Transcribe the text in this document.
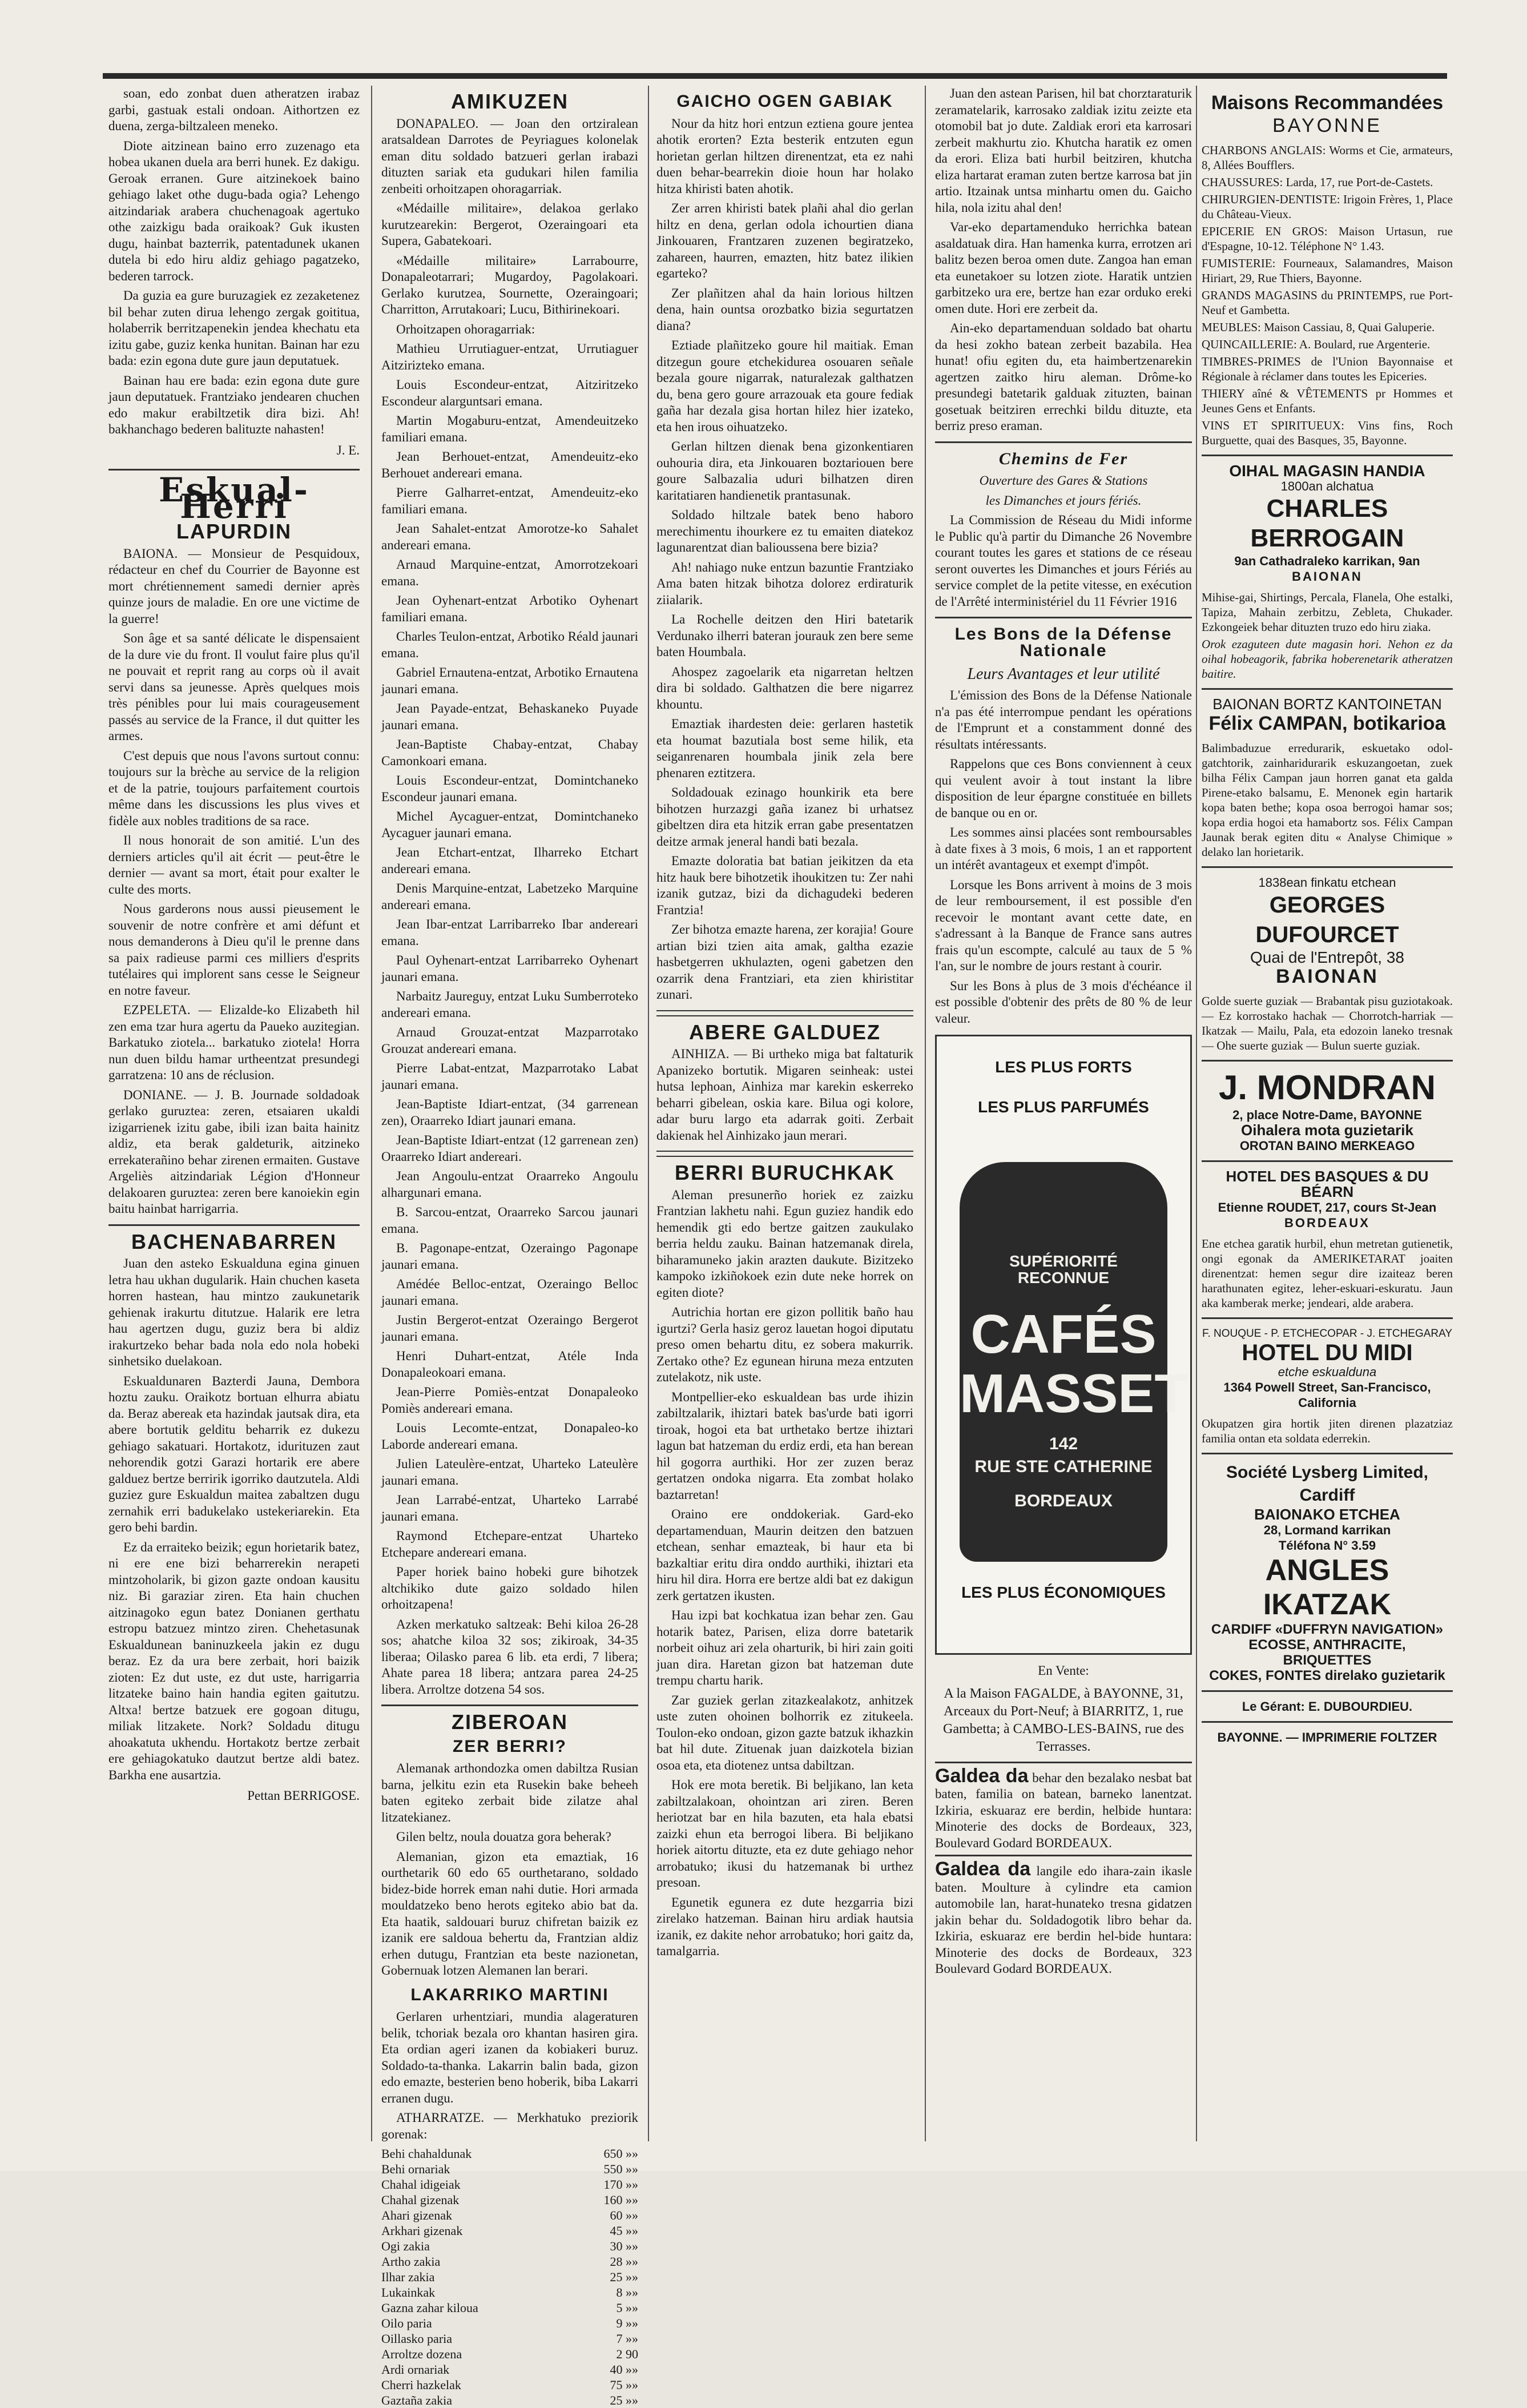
soan, edo zonbat duen atheratzen irabaz garbi, gastuak estali ondoan. Aithortzen ez duena, zerga-biltzaleen meneko.

Diote aitzinean baino erro zuzenago eta hobea ukanen duela ara berri hunek. Ez dakigu. Geroak erranen. Gure aitzinekoek baino gehiago laket othe dugu-bada ogia? Lehengo aitzindariak arabera chuchenagoak agertuko othe zaizkigu bada oraikoak? Guk ikusten dugu, hainbat bazterrik, patentadunek ukanen dutela bi edo hiru aldiz gehiago pagatzeko, bederen tarrock.

Da guzia ea gure buruzagiek ez zezaketenez bil behar zuten dirua lehengo zergak goititua, holaberrik berritzapenekin jendea khechatu eta izitu gabe, guziz kenka hunitan. Bainan har ezu bada: ezin egona dute gure jaun deputatuek.

Bainan hau ere bada: ezin egona dute gure jaun deputatuek. Frantziako jendearen chuchen edo makur erabiltzetik dira bizi. Ah! bakhanchago bederen balituzte nahasten!

J. E.
Eskual-Herri
LAPURDIN

BAIONA. — Monsieur de Pesquidoux, rédacteur en chef du Courrier de Bayonne est mort chrétiennement samedi dernier après quinze jours de maladie. En ore une victime de la guerre!

Son âge et sa santé délicate le dispensaient de la dure vie du front. Il voulut faire plus qu'il ne pouvait et reprit rang au corps où il avait servi dans sa jeunesse. Après quelques mois très pénibles pour lui mais courageusement passés au service de la France, il dut quitter les armes.

C'est depuis que nous l'avons surtout connu: toujours sur la brèche au service de la religion et de la patrie, toujours parfaitement courtois même dans les discussions les plus vives et fidèle aux nobles traditions de sa race.

Il nous honorait de son amitié. L'un des derniers articles qu'il ait écrit — peut-être le dernier — avant sa mort, était pour exalter le culte des morts.

Nous garderons nous aussi pieusement le souvenir de notre confrère et ami défunt et nous demanderons à Dieu qu'il le prenne dans sa paix radieuse parmi ces milliers d'esprits tutélaires qui implorent sans cesse le Seigneur en notre faveur.

EZPELETA. — Elizalde-ko Elizabeth hil zen ema tzar hura agertu da Paueko auzitegian. Barkatuko ziotela... barkatuko ziotela! Horra nun duen bildu hamar urtheentzat presundegi garratzena: 10 ans de réclusion.

DONIANE. — J. B. Journade soldadoak gerlako guruztea: zeren, etsaiaren ukaldi izigarrienek izitu gabe, ibili izan baita hainitz aldiz, eta berak galdeturik, aitzineko errekaterañino behar zirenen ermaiten. Gustave Argeliès aitzindariak Légion d'Honneur delakoaren guruztea: zeren bere kanoiekin egin baitu hainbat harrigarria.

BACHENABARREN

Juan den asteko Eskualduna egina ginuen letra hau ukhan dugularik. Hain chuchen kaseta horren hastean, hau mintzo zaukunetarik gehienak irakurtu ditutzue. Halarik ere letra hau agertzen dugu, guziz bera bi aldiz irakurtzeko behar bada nola edo nola hobeki sinhetsiko duelakoan.

Eskualdunaren Bazterdi Jauna, Dembora hoztu zauku. Oraikotz bortuan elhurra abiatu da. Beraz abereak eta hazindak jautsak dira, eta abere bortutik gelditu beharrik ez dukezu gehiago sakatuari. Hortakotz, idurituzen zaut nehorendik gotzi Garazi hortarik ere abere galduez bertze berririk igorriko dautzutela. Aldi guziez gure Eskualdun maitea zabaltzen dugu zernahik erri badukelako ustekeriarekin. Eta gero behi bardin.

Ez da erraiteko beizik; egun horietarik batez, ni ere ene bizi beharrerekin nerapeti mintzoholarik, bi gizon gazte ondoan kausitu niz. Bi garaziar ziren. Eta hain chuchen aitzinagoko egun batez Donianen gerthatu estropu batzuez mintzo ziren. Chehetasunak Eskualdunean baninuzkeela jakin ez dugu beraz. Ez da ura bere zerbait, hori baizik zioten: Ez dut uste, ez dut uste, harrigarria litzateke baino hain handia egiten gaitutzu. Altxa! bertze batzuek ere gogoan ditugu, miliak litzakete. Nork? Soldadu ditugu ahoakatuta ukhendu. Hortakotz bertze zerbait ere gehiagokatuko dautzut bertze aldi batez. Barkha ene ausartzia.

Pettan BERRIGOSE.
AMIKUZEN

DONAPALEO. — Joan den ortziralean aratsaldean Darrotes de Peyriagues kolonelak eman ditu soldado batzueri gerlan irabazi dituzten sariak eta gudukari hilen familia zenbeiti orhoitzapen ohoragarriak.

«Médaille militaire», delakoa gerlako kurutzearekin: Bergerot, Ozeraingoari eta Supera, Gabatekoari.

«Médaille militaire» Larrabourre, Donapaleotarrari; Mugardoy, Pagolakoari. Gerlako kurutzea, Sournette, Ozeraingoari; Charritton, Arrutakoari; Lucu, Bithirinekoari.

Orhoitzapen ohoragarriak:

Mathieu Urrutiaguer-entzat, Urrutiaguer Aitzirizteko emana.

Louis Escondeur-entzat, Aitziritzeko Escondeur alarguntsari emana.

Martin Mogaburu-entzat, Amendeuitzeko familiari emana.

Jean Berhouet-entzat, Amendeuitz-eko Berhouet andereari emana.

Pierre Galharret-entzat, Amendeuitz-eko familiari emana.

Jean Sahalet-entzat Amorotze-ko Sahalet andereari emana.

Arnaud Marquine-entzat, Amorrotzekoari emana.

Jean Oyhenart-entzat Arbotiko Oyhenart familiari emana.

Charles Teulon-entzat, Arbotiko Réald jaunari emana.

Gabriel Ernautena-entzat, Arbotiko Ernautena jaunari emana.

Jean Payade-entzat, Behaskaneko Puyade jaunari emana.

Jean-Baptiste Chabay-entzat, Chabay Camonkoari emana.

Louis Escondeur-entzat, Domintchaneko Escondeur jaunari emana.

Michel Aycaguer-entzat, Domintchaneko Aycaguer jaunari emana.

Jean Etchart-entzat, Ilharreko Etchart andereari emana.

Denis Marquine-entzat, Labetzeko Marquine andereari emana.

Jean Ibar-entzat Larribarreko Ibar andereari emana.

Paul Oyhenart-entzat Larribarreko Oyhenart jaunari emana.

Narbaitz Jaureguy, entzat Luku Sumberroteko andereari emana.

Arnaud Grouzat-entzat Mazparrotako Grouzat andereari emana.

Pierre Labat-entzat, Mazparrotako Labat jaunari emana.

Jean-Baptiste Idiart-entzat, (34 garrenean zen), Oraarreko Idiart jaunari emana.

Jean-Baptiste Idiart-entzat (12 garrenean zen) Oraarreko Idiart andereari.

Jean Angoulu-entzat Oraarreko Angoulu alhargunari emana.

B. Sarcou-entzat, Oraarreko Sarcou jaunari emana.

B. Pagonape-entzat, Ozeraingo Pagonape jaunari emana.

Amédée Belloc-entzat, Ozeraingo Belloc jaunari emana.

Justin Bergerot-entzat Ozeraingo Bergerot jaunari emana.

Henri Duhart-entzat, Atéle Inda Donapaleokoari emana.

Jean-Pierre Pomiès-entzat Donapaleoko Pomiès andereari emana.

Louis Lecomte-entzat, Donapaleo-ko Laborde andereari emana.

Julien Lateulère-entzat, Uharteko Lateulère jaunari emana.

Jean Larrabé-entzat, Uharteko Larrabé jaunari emana.

Raymond Etchepare-entzat Uharteko Etchepare andereari emana.

Paper horiek baino hobeki gure bihotzek altchikiko dute gaizo soldado hilen orhoitzapena!

Azken merkatuko saltzeak: Behi kiloa 26-28 sos; ahatche kiloa 32 sos; zikiroak, 34-35 liberaa; Oilasko parea 6 lib. eta erdi, 7 libera; Ahate parea 18 libera; antzara parea 24-25 libera. Arroltze dotzena 54 sos.

ZIBEROAN
ZER BERRI?

Alemanak arthondozka omen dabiltza Rusian barna, jelkitu ezin eta Rusekin bake beheeh baten egiteko zerbait bide zilatze ahal litzatekianez.

Gilen beltz, noula douatza gora beherak?

Alemanian, gizon eta emaztiak, 16 ourthetarik 60 edo 65 ourthetarano, soldado bidez-bide horrek eman nahi dutie. Hori armada mouldatzeko beno herots egiteko abio bat da. Eta haatik, saldouari buruz chifretan baizik ez izanik ere saldoua behertu da, Frantzian aldiz erhen dutugu, Frantzian eta beste nazionetan, Gobernuak lotzen Alemanen lan berari.

LAKARRIKO MARTINI

Gerlaren urhentziari, mundia alageraturen belik, tchoriak bezala oro khantan hasiren gira. Eta ordian ageri izanen da kobiakeri buruz. Soldado-ta-thanka. Lakarrin balin bada, gizon edo emazte, besterien beno hoberik, biba Lakarri erranen dugu.

ATHARRATZE. — Merkhatuko preziorik gorenak:

Behi chahaldunak	650 »»
Behi ornariak	550 »»
Chahal idigeiak	170 »»
Chahal gizenak	160 »»
Ahari gizenak	60 »»
Arkhari gizenak	45 »»
Ogi zakia	30 »»
Artho zakia	28 »»
Ilhar zakia	25 »»
Lukainkak	8 »»
Gazna zahar kiloua	5 »»
Oilo paria	9 »»
Oillasko paria	7 »»
Arroltze dozena	2 90
Ardi ornariak	40 »»
Cherri hazkelak	75 »»
Gaztaña zakia	25 »»
GAICHO OGEN GABIAK

Nour da hitz hori entzun eztiena goure jentea ahotik erorten? Ezta besterik entzuten egun horietan gerlan hiltzen direnentzat, eta ez nahi duen behar-bearrekin dioie houn har holako hitza khiristi baten ahotik.

Zer arren khiristi batek plañi ahal dio gerlan hiltz en dena, gerlan odola ichourtien diana Jinkouaren, Frantzaren zuzenen begiratzeko, zahareen, haurren, emazten, hitz batez ilikien egarteko?

Zer plañitzen ahal da hain lorious hiltzen dena, hain ountsa orozbatko bizia segurtatzen diana?

Eztiade plañitzeko goure hil maitiak. Eman ditzegun goure etchekidurea osouaren señale bezala goure nigarrak, naturalezak galthatzen du, bena gero goure arrazouak eta goure fediak gaña har dezala gisa hortan hilez hier izateko, eta hen irous oihuatzeko.

Gerlan hiltzen dienak bena gizonkentiaren ouhouria dira, eta Jinkouaren boztariouen bere goure Salbazalia uduri bilhatzen diren karitatiaren handienetik prantasunak.

Soldado hiltzale batek beno haboro merechimentu ihourkere ez tu emaiten diatekoz lagunarentzat dian balioussena bere bizia?

Ah! nahiago nuke entzun bazuntie Frantziako Ama baten hitzak bihotza dolorez erdiraturik ziialarik.

La Rochelle deitzen den Hiri batetarik Verdunako ilherri bateran jourauk zen bere seme baten Houmbala.

Ahospez zagoelarik eta nigarretan heltzen dira bi soldado. Galthatzen die bere nigarrez khountu.

Emaztiak ihardesten deie: gerlaren hastetik eta houmat bazutiala bost seme hilik, eta seiganrenaren houmbala jinik zela bere phenaren eztitzera.

Soldadouak ezinago hounkirik eta bere bihotzen hurzazgi gaña izanez bi urhatsez gibeltzen dira eta hitzik erran gabe presentatzen deitze armak jeneral handi bati bezala.

Emazte doloratia bat batian jeikitzen da eta hitz hauk bere bihotzetik ihoukitzen tu: Zer nahi izanik gutzaz, bizi da dichagudeki bederen Frantzia!

Zer bihotza emazte harena, zer korajia! Goure artian bizi tzien aita amak, galtha ezazie hasbetgerren ukhulazten, ogeni gabetzen den ozarrik dena Frantziari, eta zien khiristitar zunari.

ABERE GALDUEZ

AINHIZA. — Bi urtheko miga bat faltaturik Apanizeko bortutik. Migaren seinheak: ustei hutsa lephoan, Ainhiza mar karekin eskerreko beharri gibelean, oskia kare. Bilua ogi kolore, adar buru largo eta adarrak goiti. Zerbait dakienak hel Ainhizako jaun merari.

BERRI BURUCHKAK

Aleman presunerño horiek ez zaizku Frantzian lakhetu nahi. Egun guziez handik edo hemendik gti edo bertze gaitzen zaukulako berria heldu zauku. Bainan hatzemanak direla, biharamuneko jakin arazten daukute. Bizitzeko kampoko izkiñokoek ezin dute neke horrek on egiten diote?

Autrichia hortan ere gizon pollitik baño hau igurtzi? Gerla hasiz geroz lauetan hogoi diputatu preso omen behartu ditu, ez sobera makurrik. Zertako othe? Ez egunean hiruna meza entzuten zutelakotz, nik uste.

Montpellier-eko eskualdean bas urde ihizin zabiltzalarik, ihiztari batek bas'urde bati igorri tiroak, hogoi eta bat urthetako bertze ihiztari lagun bat hatzeman du erdiz erdi, eta han berean hil gogorra aurthiki. Hor zer zuzen beraz gertatzen ondoka nigarra. Eta zombat holako baztarretan!

Oraino ere onddokeriak. Gard-eko departamenduan, Maurin deitzen den batzuen etchean, senhar emazteak, bi haur eta bi bazkaltiar eritu dira onddo aurthiki, ihiztari eta hiru hil dira. Horra ere bertze aldi bat ez dakigun zerk gertatzen ikusten.

Hau izpi bat kochkatua izan behar zen. Gau hotarik batez, Parisen, eliza dorre batetarik norbeit oihuz ari zela oharturik, bi hiri zain goiti juan dira. Haretan gizon bat hatzeman dute trempu chartu harik.

Zar guziek gerlan zitazkealakotz, anhitzek uste zuten ohoinen bolhorrik ez zitukeela. Toulon-eko ondoan, gizon gazte batzuk ikhazkin bat hil dute. Zituenak juan daizkotela bizian osoa eta, eta diotenez untsa dabiltzan.

Hok ere mota beretik. Bi beljikano, lan keta zabiltzalakoan, ohointzan ari ziren. Beren heriotzat bar en hila bazuten, eta hala ebatsi zaizki ehun eta berrogoi libera. Bi beljikano horiek aitortu dituzte, eta ez dute gehiago nehor arrobatuko; ikusi du hatzemanak bi urthez presoan.

Egunetik egunera ez dute hezgarria bizi zirelako hatzeman. Bainan hiru ardiak hautsia izanik, ez dakite nehor arrobatuko; hori gaitz da, tamalgarria.

Juan den astean Parisen, hil bat chorztaraturik zeramatelarik, karrosako zaldiak izitu zeizte eta otomobil bat jo dute. Zaldiak erori eta karrosari zerbeit makhurtu zio. Khutcha haratik ez omen da erori. Eliza bati hurbil beitziren, khutcha eliza hartarat eraman zuten bertze karrosa bat jin artio. Itzainak untsa minhartu omen du. Gaicho hila, nola izitu ahal den!

Var-eko departamenduko herrichka batean asaldatuak dira. Han hamenka kurra, errotzen ari balitz bezen beroa omen dute. Zangoa han eman eta eunetakoer su lotzen ziote. Haratik untzien garbitzeko ura ere, bertze han ezar orduko ereki omen dute. Hori ere zerbeit da.

Ain-eko departamenduan soldado bat ohartu da hesi zokho batean zerbeit bazabila. Hea hunat! ofiu egiten du, eta haimbertzenarekin agertzen zaitko hiru aleman. Drôme-ko presundegi batetarik galduak zituzten, bainan gosetuak beitziren errechki bildu dituzte, eta berriz preso eraman.

Chemins de Fer

Ouverture des Gares & Stations

les Dimanches et jours fériés.

La Commission de Réseau du Midi informe le Public qu'à partir du Dimanche 26 Novembre courant toutes les gares et stations de ce réseau seront ouvertes les Dimanches et jours Fériés au service complet de la petite vitesse, en exécution de l'Arrêté interministériel du 11 Février 1916

Les Bons de la Défense Nationale

Leurs Avantages et leur utilité

L'émission des Bons de la Défense Nationale n'a pas été interrompue pendant les opérations de l'Emprunt et a constamment donné des résultats intéressants.

Rappelons que ces Bons conviennent à ceux qui veulent avoir à tout instant la libre disposition de leur épargne constituée en billets de banque ou en or.

Les sommes ainsi placées sont remboursables à date fixes à 3 mois, 6 mois, 1 an et rapportent un intérêt avantageux et exempt d'impôt.

Lorsque les Bons arrivent à moins de 3 mois de leur remboursement, il est possible d'en recevoir le montant avant cette date, en s'adressant à la Banque de France sans autres frais qu'un escompte, calculé au taux de 5 % l'an, sur le nombre de jours restant à courir.

Sur les Bons à plus de 3 mois d'échéance il est possible d'obtenir des prêts de 80 % de leur valeur.

LES PLUS FORTS
LES PLUS PARFUMÉS
SUPÉRIORITÉ RECONNUE
CAFÉS
MASSET
142
RUE STE CATHERINE
BORDEAUX
LES PLUS ÉCONOMIQUES

En Vente:

A la Maison FAGALDE, à BAYONNE, 31, Arceaux du Port-Neuf; à BIARRITZ, 1, rue Gambetta; à CAMBO-LES-BAINS, rue des Terrasses.

Galdea da behar den bezalako nesbat bat baten, familia on batean, barneko lanentzat. Izkiria, eskuaraz ere berdin, helbide huntara: Minoterie des docks de Bordeaux, 323, Boulevard Godard BORDEAUX.

Galdea da langile edo ihara-zain ikasle baten. Moulture à cylindre eta camion automobile lan, harat-hunateko tresna gidatzen jakin behar du. Soldadogotik libro behar da. Izkiria, eskuaraz ere berdin hel-bide huntara: Minoterie des docks de Bordeaux, 323 Boulevard Godard BORDEAUX.

Maisons Recommandées
BAYONNE

CHARBONS ANGLAIS: Worms et Cie, armateurs, 8, Allées Boufflers.

CHAUSSURES: Larda, 17, rue Port-de-Castets.

CHIRURGIEN-DENTISTE: Irigoin Frères, 1, Place du Château-Vieux.

EPICERIE EN GROS: Maison Urtasun, rue d'Espagne, 10-12. Téléphone N° 1.43.

FUMISTERIE: Fourneaux, Salamandres, Maison Hiriart, 29, Rue Thiers, Bayonne.

GRANDS MAGASINS du PRINTEMPS, rue Port-Neuf et Gambetta.

MEUBLES: Maison Cassiau, 8, Quai Galuperie.

QUINCAILLERIE: A. Boulard, rue Argenterie.

TIMBRES-PRIMES de l'Union Bayonnaise et Régionale à réclamer dans toutes les Epiceries.

THIERY aîné & VÊTEMENTS pr Hommes et Jeunes Gens et Enfants.

VINS ET SPIRITUEUX: Vins fins, Roch Burguette, quai des Basques, 35, Bayonne.

OIHAL MAGASIN HANDIA
1800an alchatua
CHARLES BERROGAIN
9an Cathadraleko karrikan, 9an
BAIONAN

Mihise-gai, Shirtings, Percala, Flanela, Ohe estalki, Tapiza, Mahain zerbitzu, Zebleta, Chukader. Ezkongeiek behar dituzten truzo edo hiru ziaka.

Orok ezaguteen dute magasin hori. Nehon ez da oihal hobeagorik, fabrika hoberenetarik atheratzen baitire.

BAIONAN BORTZ KANTOINETAN
Félix CAMPAN, botikarioa

Balimbaduzue erredurarik, eskuetako odol-gatchtorik, zainharidurarik eskuzangoetan, zuek bilha Félix Campan jaun horren ganat eta galda Pirene-etako balsamu, E. Menonek egin hartarik kopa baten bethe; kopa osoa berrogoi hamar sos; kopa erdia hogoi eta hamabortz sos. Félix Campan Jaunak berak egiten ditu « Analyse Chimique » delako lan horietarik.

1838ean finkatu etchean
GEORGES DUFOURCET
Quai de l'Entrepôt, 38
BAIONAN

Golde suerte guziak — Brabantak pisu guziotakoak. — Ez korrostako hachak — Chorrotch-harriak — Ikatzak — Mailu, Pala, eta edozoin laneko tresnak — Ohe suerte guziak — Bulun suerte guziak.

J. MONDRAN
2, place Notre-Dame, BAYONNE
Oihalera mota guzietarik
OROTAN BAINO MERKEAGO
HOTEL DES BASQUES & DU BÉARN
Etienne ROUDET, 217, cours St-Jean
BORDEAUX

Ene etchea garatik hurbil, ehun metretan gutienetik, ongi egonak da AMERIKETARAT joaiten direnentzat: hemen segur dire izaiteaz beren harathunaten egitez, leher-eskuari-eskuratu. Jaun aka kamberak merke; jendeari, alde arabera.

F. NOUQUE - P. ETCHECOPAR - J. ETCHEGARAY
HOTEL DU MIDI
etche eskualduna
1364 Powell Street, San-Francisco, California

Okupatzen gira hortik jiten direnen plazatziaz familia ontan eta soldata ederrekin.

Société Lysberg Limited, Cardiff
BAIONAKO ETCHEA
28, Lormand karrikan
Téléfona N° 3.59
ANGLES IKATZAK
CARDIFF «DUFFRYN NAVIGATION»
ECOSSE, ANTHRACITE,
BRIQUETTES
COKES, FONTES direlako guzietarik
Le Gérant: E. DUBOURDIEU.
BAYONNE. — IMPRIMERIE FOLTZER
